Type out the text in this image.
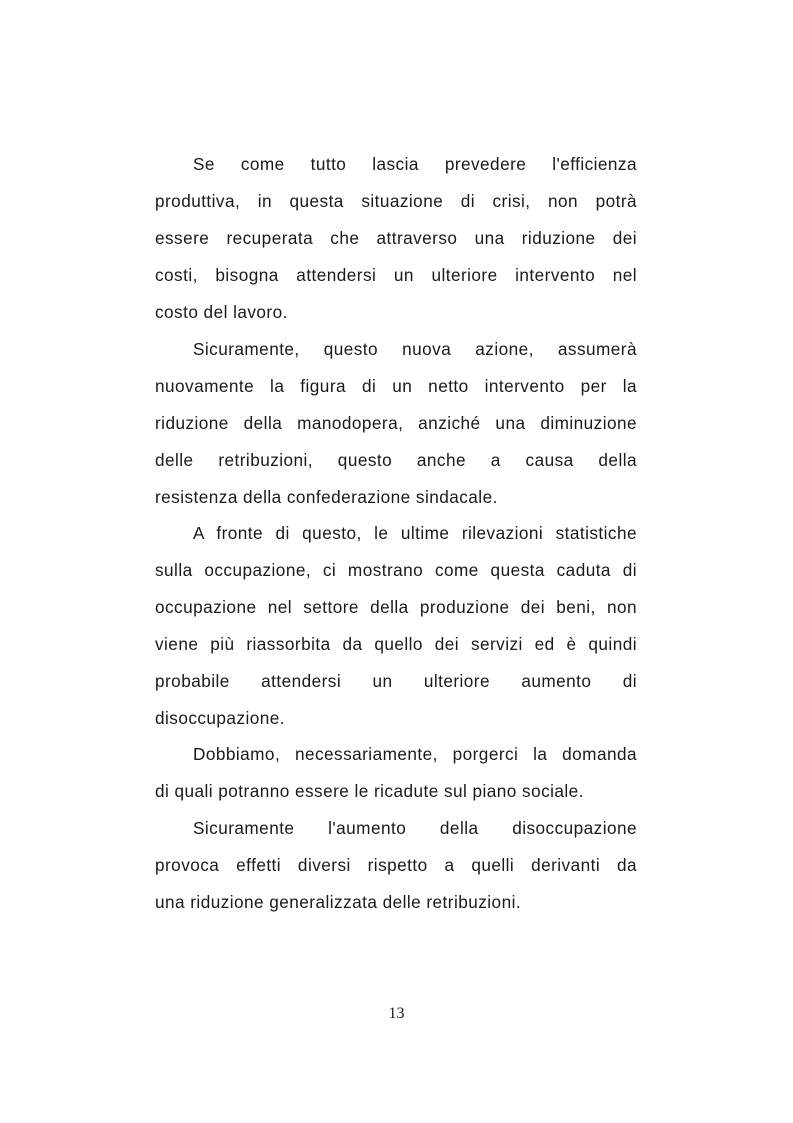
Se come tutto lascia prevedere l'efficienza
produttiva, in questa situazione di crisi, non potrà
essere recuperata che attraverso una riduzione dei
costi, bisogna attendersi un ulteriore intervento nel
costo del lavoro.
Sicuramente, questo nuova azione, assumerà
nuovamente la figura di un netto intervento per la
riduzione della manodopera, anziché una diminuzione
delle retribuzioni, questo anche a causa della
resistenza della confederazione sindacale.
A fronte di questo, le ultime rilevazioni statistiche
sulla occupazione, ci mostrano come questa caduta di
occupazione nel settore della produzione dei beni, non
viene più riassorbita da quello dei servizi ed è quindi
probabile attendersi un ulteriore aumento di
disoccupazione.
Dobbiamo, necessariamente, porgerci la domanda
di quali potranno essere le ricadute sul piano sociale.
Sicuramente l'aumento della disoccupazione
provoca effetti diversi rispetto a quelli derivanti da
una riduzione generalizzata delle retribuzioni.
13
